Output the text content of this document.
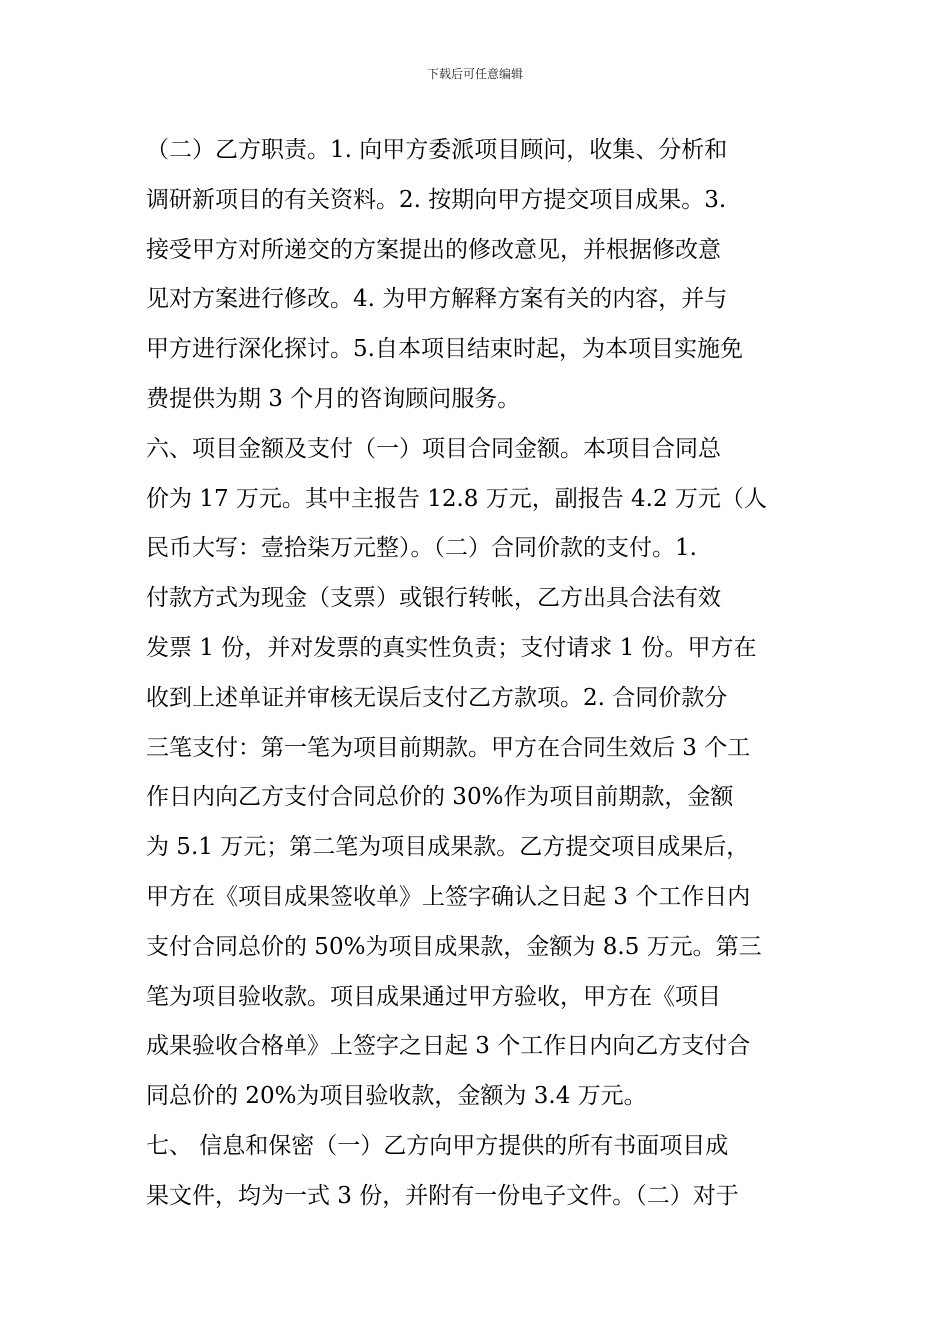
下载后可任意编辑
（二）乙方职责。1. 向甲方委派项目顾问，收集、分析和
调研新项目的有关资料。2. 按期向甲方提交项目成果。3.
接受甲方对所递交的方案提出的修改意见，并根据修改意
见对方案进行修改。4. 为甲方解释方案有关的内容，并与
甲方进行深化探讨。5.自本项目结束时起，为本项目实施免
费提供为期 3 个月的咨询顾问服务。
六、项目金额及支付（一）项目合同金额。本项目合同总
价为 17 万元。其中主报告 12.8 万元，副报告 4.2 万元（人
民币大写：壹拾柒万元整）。（二）合同价款的支付。1.
付款方式为现金（支票）或银行转帐，乙方出具合法有效
发票 1 份，并对发票的真实性负责；支付请求 1 份。甲方在
收到上述单证并审核无误后支付乙方款项。2. 合同价款分
三笔支付：第一笔为项目前期款。甲方在合同生效后 3 个工
作日内向乙方支付合同总价的 30%作为项目前期款，金额
为 5.1 万元；第二笔为项目成果款。乙方提交项目成果后，
甲方在《项目成果签收单》上签字确认之日起 3 个工作日内
支付合同总价的 50%为项目成果款，金额为 8.5 万元。第三
笔为项目验收款。项目成果通过甲方验收，甲方在《项目
成果验收合格单》上签字之日起 3 个工作日内向乙方支付合
同总价的 20%为项目验收款，金额为 3.4 万元。
七、 信息和保密（一）乙方向甲方提供的所有书面项目成
果文件，均为一式 3 份，并附有一份电子文件。（二）对于
